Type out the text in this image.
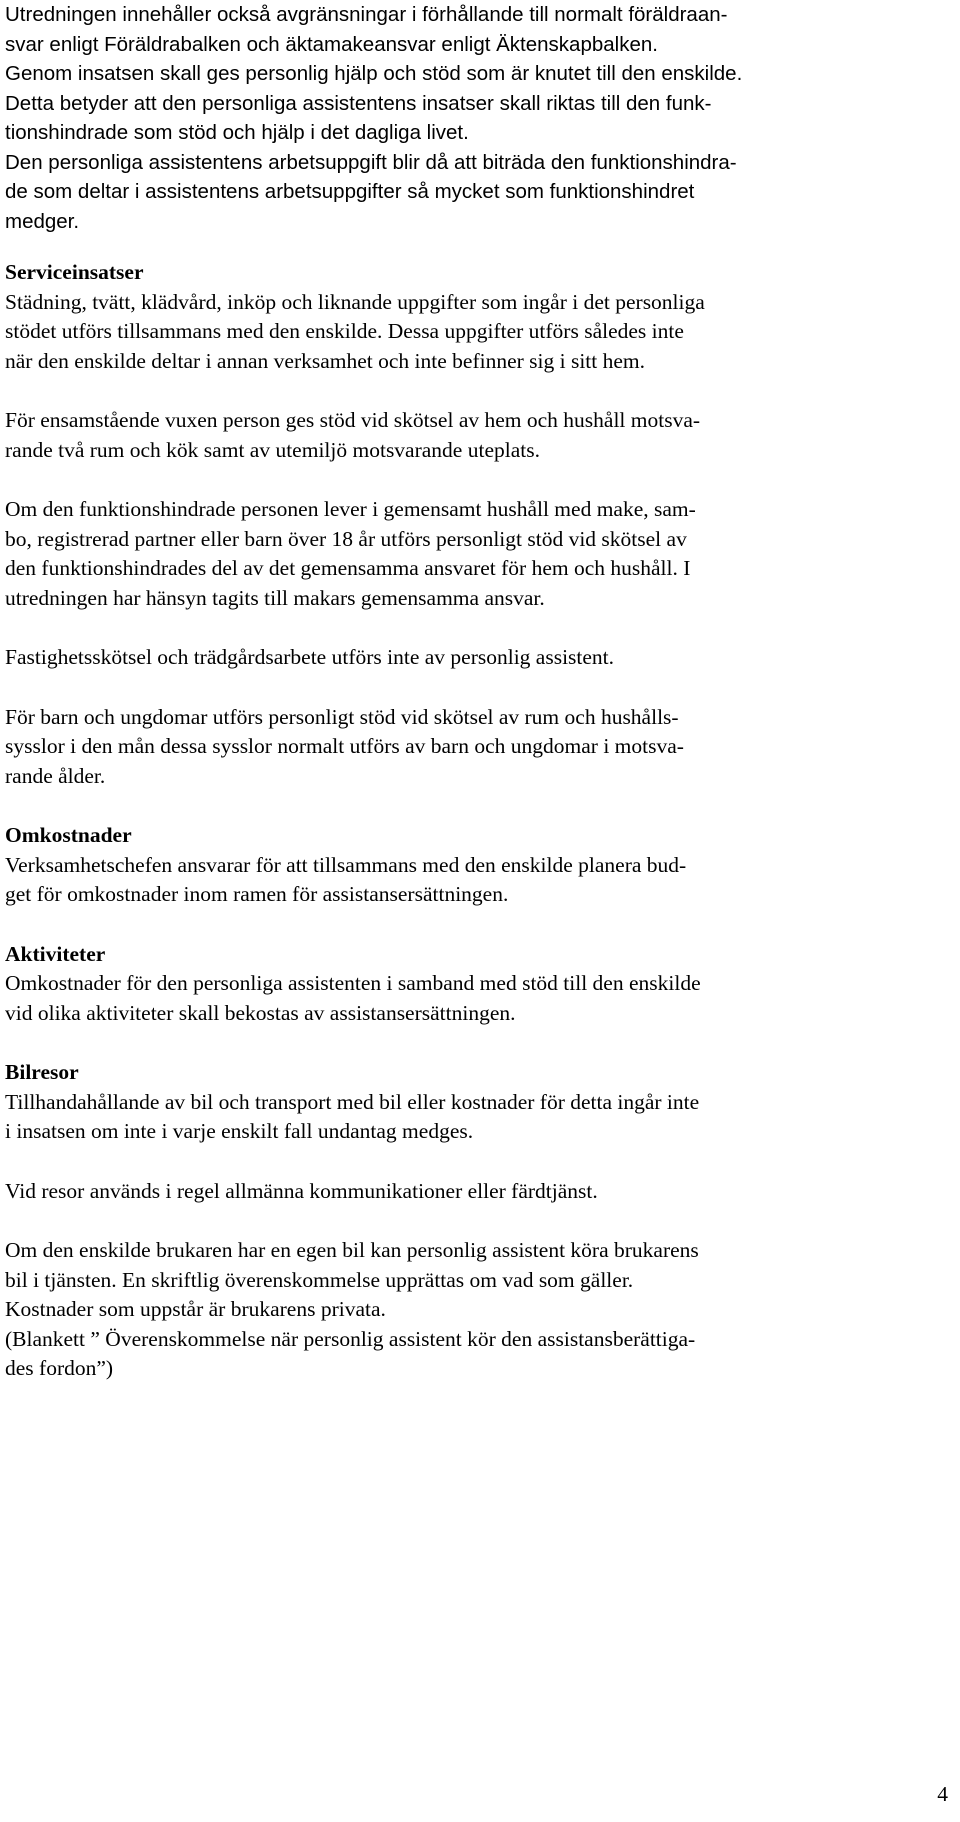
Utredningen innehåller också avgränsningar i förhållande till normalt föräldraan-
svar enligt Föräldrabalken och äktamakeansvar enligt Äktenskapbalken.
Genom insatsen skall ges personlig hjälp och stöd som är knutet till den enskilde.
Detta betyder att den personliga assistentens insatser skall riktas till den funk-
tionshindrade som stöd och hjälp i det dagliga livet.
Den personliga assistentens arbetsuppgift blir då att biträda den funktionshindra-
de som deltar i assistentens arbetsuppgifter så mycket som funktionshindret
medger.
Serviceinsatser
Städning, tvätt, klädvård, inköp och liknande uppgifter som ingår i det personliga
stödet utförs tillsammans med den enskilde. Dessa uppgifter utförs således inte
när den enskilde deltar i annan verksamhet och inte befinner sig i sitt hem.
För ensamstående vuxen person ges stöd vid skötsel av hem och hushåll motsva-
rande två rum och kök samt av utemiljö motsvarande uteplats.
Om den funktionshindrade personen lever i gemensamt hushåll med make, sam-
bo, registrerad partner eller barn över 18 år utförs personligt stöd vid skötsel av
den funktionshindrades del av det gemensamma ansvaret för hem och hushåll. I
utredningen har hänsyn tagits till makars gemensamma ansvar.
Fastighetsskötsel och trädgårdsarbete utförs inte av personlig assistent.
För barn och ungdomar utförs personligt stöd vid skötsel av rum och hushålls-
sysslor i den mån dessa sysslor normalt utförs av barn och ungdomar i motsva-
rande ålder.
Omkostnader
Verksamhetschefen ansvarar för att tillsammans med den enskilde planera bud-
get för omkostnader inom ramen för assistansersättningen.
Aktiviteter
Omkostnader för den personliga assistenten i samband med stöd till den enskilde
vid olika aktiviteter skall bekostas av assistansersättningen.
Bilresor
Tillhandahållande av bil och transport med bil eller kostnader för detta ingår inte
i insatsen om inte i varje enskilt fall undantag medges.
Vid resor används i regel allmänna kommunikationer eller färdtjänst.
Om den enskilde brukaren har en egen bil kan personlig assistent köra brukarens
bil i tjänsten. En skriftlig överenskommelse upprättas om vad som gäller.
Kostnader som uppstår är brukarens privata.
(Blankett ” Överenskommelse när personlig assistent kör den assistansberättiga-
des fordon”)
4
